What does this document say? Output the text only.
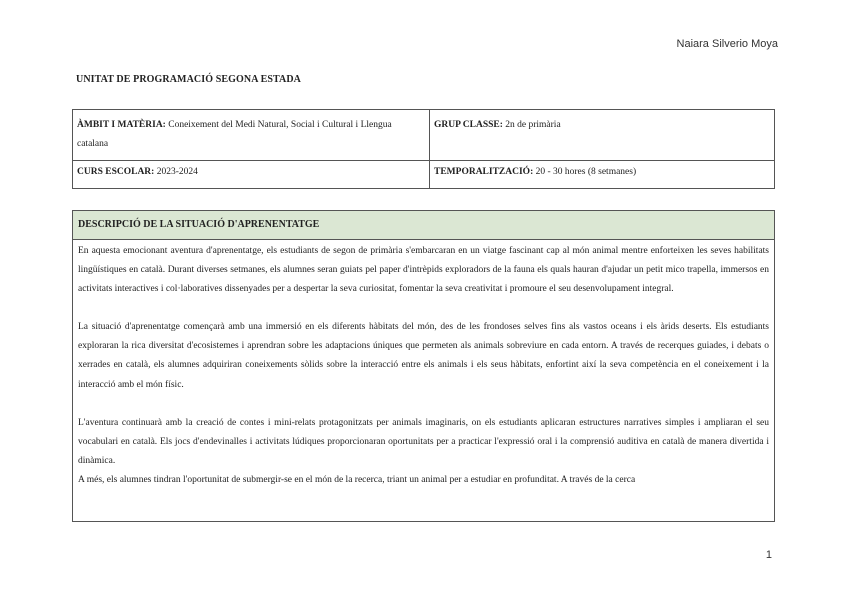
Naiara Silverio Moya
UNITAT DE PROGRAMACIÓ SEGONA ESTADA
ÀMBIT I MATÈRIA: Coneixement del Medi Natural, Social i Cultural i Llengua catalana	GRUP CLASSE: 2n de primària
CURS ESCOLAR: 2023-2024	TEMPORALITZACIÓ: 20 - 30 hores (8 setmanes)
DESCRIPCIÓ DE LA SITUACIÓ D'APRENENTATGE

En aquesta emocionant aventura d'aprenentatge, els estudiants de segon de primària s'embarcaran en un viatge fascinant cap al món animal mentre enforteixen les seves habilitats lingüístiques en català. Durant diverses setmanes, els alumnes seran guiats pel paper d'intrèpids exploradors de la fauna els quals hauran d'ajudar un petit mico trapella, immersos en activitats interactives i col·laboratives dissenyades per a despertar la seva curiositat, fomentar la seva creativitat i promoure el seu desenvolupament integral.

La situació d'aprenentatge començarà amb una immersió en els diferents hàbitats del món, des de les frondoses selves fins als vastos oceans i els àrids deserts. Els estudiants exploraran la rica diversitat d'ecosistemes i aprendran sobre les adaptacions úniques que permeten als animals sobreviure en cada entorn. A través de recerques guiades, i debats o xerrades en català, els alumnes adquiriran coneixements sòlids sobre la interacció entre els animals i els seus hàbitats, enfortint així la seva competència en el coneixement i la interacció amb el món físic.

L'aventura continuarà amb la creació de contes i mini-relats protagonitzats per animals imaginaris, on els estudiants aplicaran estructures narratives simples i ampliaran el seu vocabulari en català. Els jocs d'endevinalles i activitats lúdiques proporcionaran oportunitats per a practicar l'expressió oral i la comprensió auditiva en català de manera divertida i dinàmica.

A més, els alumnes tindran l'oportunitat de submergir-se en el món de la recerca, triant un animal per a estudiar en profunditat. A través de la cerca

1
